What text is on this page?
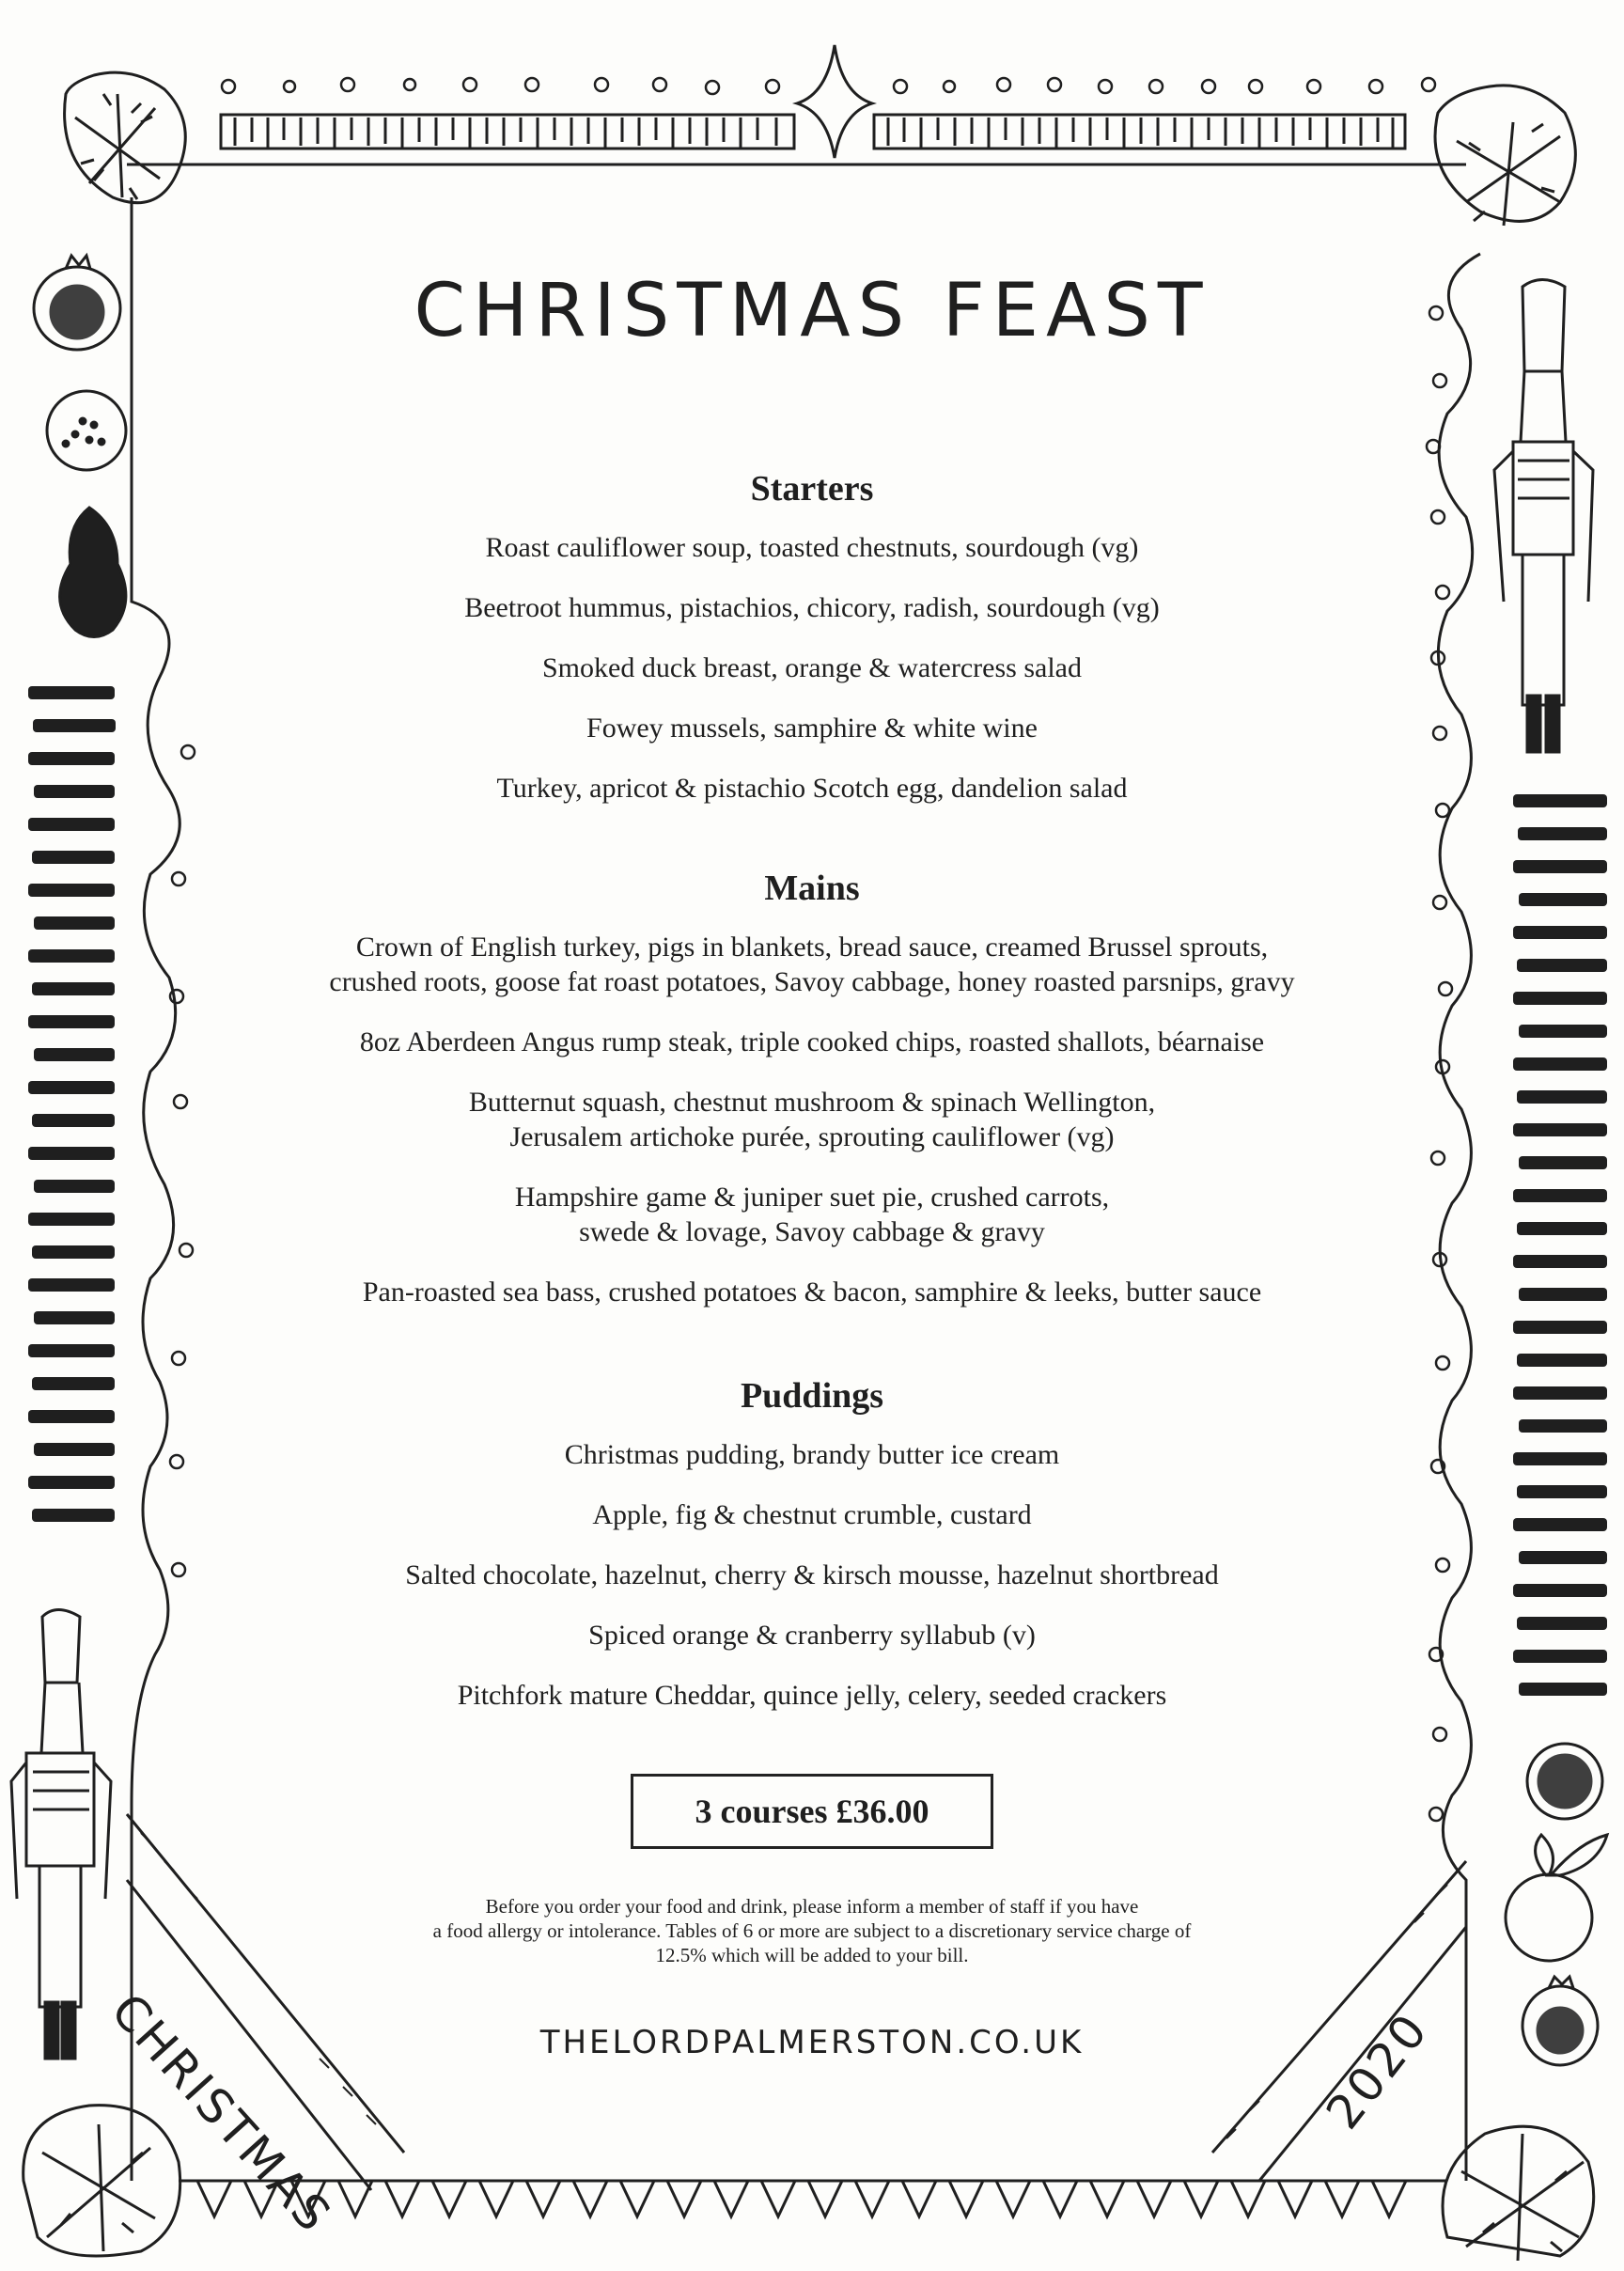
CHRISTMAS	2020
CHRISTMAS FEAST
Starters

Roast cauliflower soup, toasted chestnuts, sourdough (vg)

Beetroot hummus, pistachios, chicory, radish, sourdough (vg)

Smoked duck breast, orange & watercress salad

Fowey mussels, samphire & white wine

Turkey, apricot & pistachio Scotch egg, dandelion salad

Mains

Crown of English turkey, pigs in blankets, bread sauce, creamed Brussel sprouts,
crushed roots, goose fat roast potatoes, Savoy cabbage, honey roasted parsnips, gravy

8oz Aberdeen Angus rump steak, triple cooked chips, roasted shallots, béarnaise

Butternut squash, chestnut mushroom & spinach Wellington,
Jerusalem artichoke purée, sprouting cauliflower (vg)

Hampshire game & juniper suet pie, crushed carrots,
swede & lovage, Savoy cabbage & gravy

Pan-roasted sea bass, crushed potatoes & bacon, samphire & leeks, butter sauce

Puddings

Christmas pudding, brandy butter ice cream

Apple, fig & chestnut crumble, custard

Salted chocolate, hazelnut, cherry & kirsch mousse, hazelnut shortbread

Spiced orange & cranberry syllabub (v)

Pitchfork mature Cheddar, quince jelly, celery, seeded crackers

3 courses £36.00
Before you order your food and drink, please inform a member of staff if you have
a food allergy or intolerance. Tables of 6 or more are subject to a discretionary service charge of
12.5% which will be added to your bill.
THELORDPALMERSTON.CO.UK
